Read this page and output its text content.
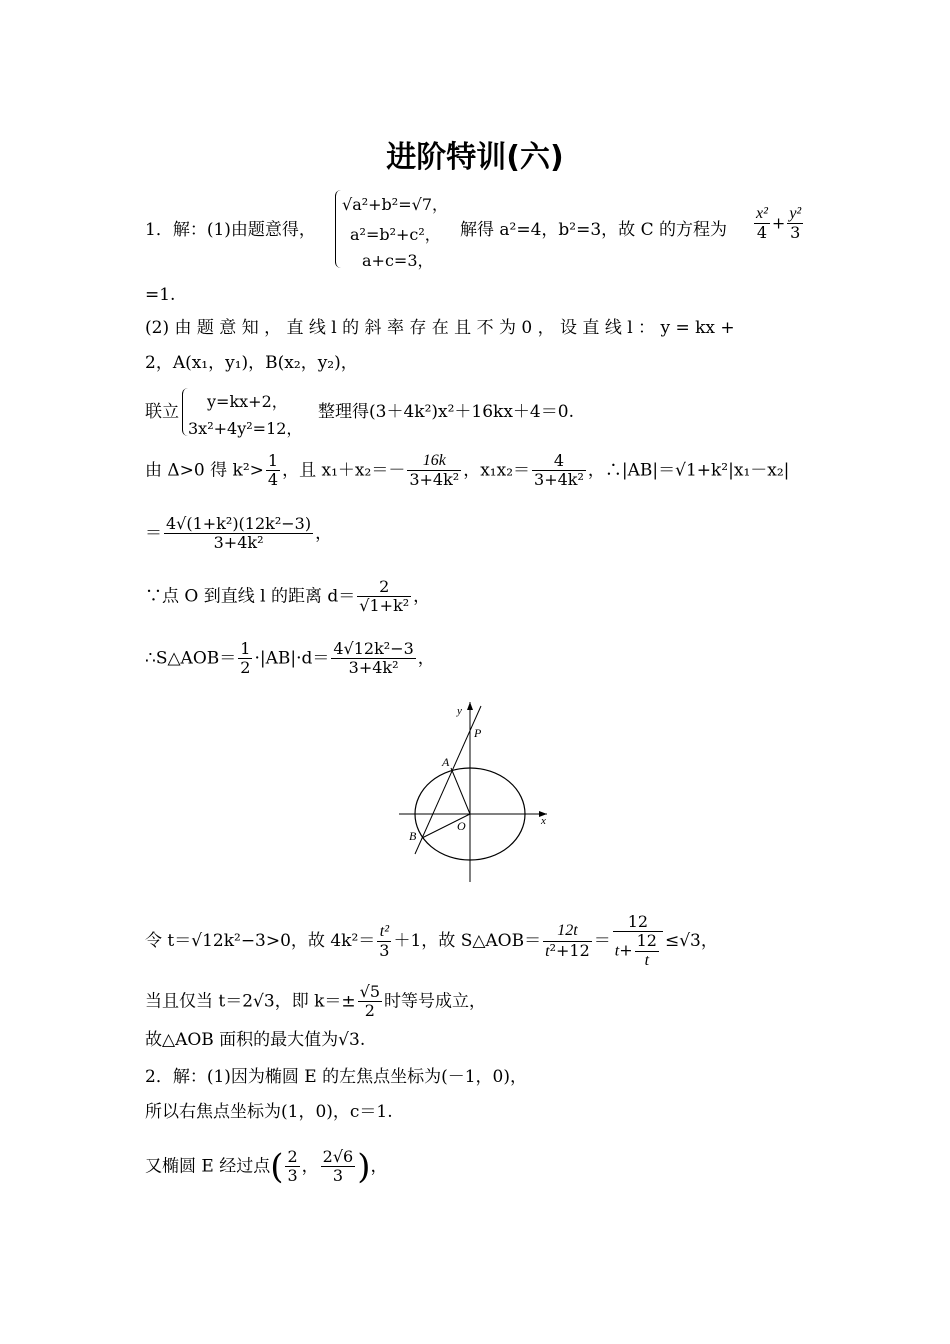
进阶特训(六)
1．解：(1)由题意得，
√a²+b²=√7，
a²=b²+c²，
a+c=3，
解得 a²=4，b²=3，故 C 的方程为 $\frac{\text{x²}}{4} + \frac{\text{y²}}{3}$
=1.
(2) 由 题 意 知 ， 直 线 l 的 斜 率 存 在 且 不 为 0 ， 设 直 线 l ： y = kx +
2，A(x₁，y₁)，B(x₂，y₂)，
联立
y=kx+2，
3x²+4y²=12，
整理得(3＋4k²)x²＋16kx＋4＝0.
由 Δ>0 得 $k^2> \frac{1}{4}$ ，且 $x_1+x_2=- \frac{16k}{\text{3+4k²}}$ ，$x_1x_2= \frac{4}{\text{3+4k²}}$ ，∴|AB|＝√1+k²|x₁－x₂|
＝ $\frac{\text{4√(1+k²)(12k²−3)}}{\text{3+4k²}}$ ，
∵点 O 到直线 l 的距离 $d= \frac{2}{\text{√1+k²}}$ ，
∴S△AOB＝ $\frac{1}{2} \cdot|AB|\cdot d= \frac{\text{4√12k²−3}}{\text{3+4k²}}$ ，
y
P
A
O	x
B
令 t＝√12k²−3>0，故 $4k^2= \frac{\text{t²}}{3} +1$，故 S△AOB＝ $\frac{12t}{\text{t²+12}} = \frac{12}{t+ \frac{12}{t}} \le√3$，
当且仅当 t＝2√3，即 $k=\pm \frac{√5}{2}$ 时等号成立，
故△AOB 面积的最大值为√3.
2．解：(1)因为椭圆 E 的左焦点坐标为(－1，0)，
所以右焦点坐标为(1，0)，c＝1.
又椭圆 E 经过点( $\frac{2}{3}$ ， $\frac{2√6}{3}$ )，
